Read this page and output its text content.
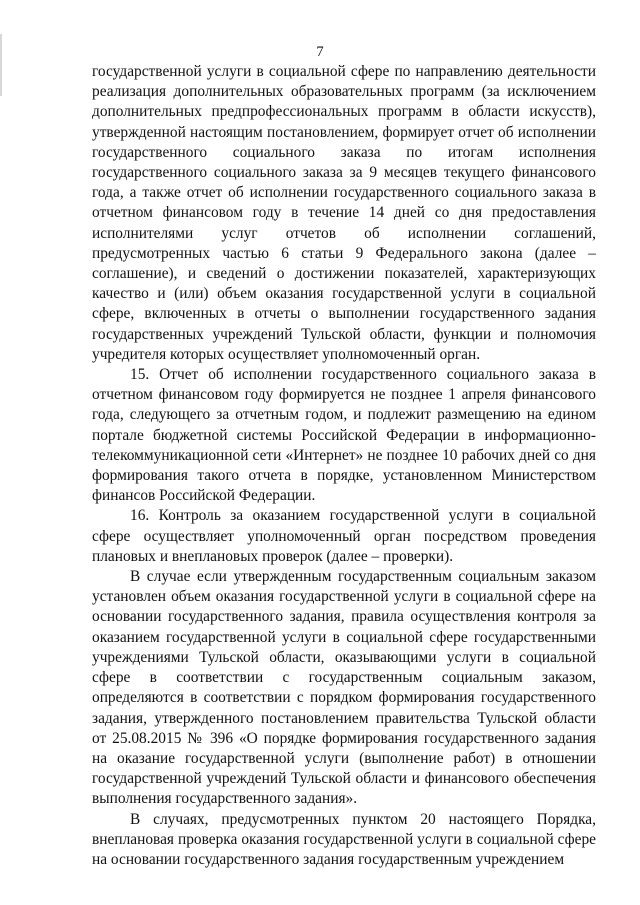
7

государственной услуги в социальной сфере по направлению деятельности реализация дополнительных образовательных программ (за исключением дополнительных предпрофессиональных программ в области искусств), утвержденной настоящим постановлением, формирует отчет об исполнении государственного социального заказа по итогам исполнения государственного социального заказа за 9 месяцев текущего финансового года, а также отчет об исполнении государственного социального заказа в отчетном финансовом году в течение 14 дней со дня предоставления исполнителями услуг отчетов об исполнении соглашений, предусмотренных частью 6 статьи 9 Федерального закона (далее – соглашение), и сведений о достижении показателей, характеризующих качество и (или) объем оказания государственной услуги в социальной сфере, включенных в отчеты о выполнении государственного задания государственных учреждений Тульской области, функции и полномочия учредителя которых осуществляет уполномоченный орган.

15. Отчет об исполнении государственного социального заказа в отчетном финансовом году формируется не позднее 1 апреля финансового года, следующего за отчетным годом, и подлежит размещению на едином портале бюджетной системы Российской Федерации в информационно-телекоммуникационной сети «Интернет» не позднее 10 рабочих дней со дня формирования такого отчета в порядке, установленном Министерством финансов Российской Федерации.

16. Контроль за оказанием государственной услуги в социальной сфере осуществляет уполномоченный орган посредством проведения плановых и внеплановых проверок (далее – проверки).

В случае если утвержденным государственным социальным заказом установлен объем оказания государственной услуги в социальной сфере на основании государственного задания, правила осуществления контроля за оказанием государственной услуги в социальной сфере государственными учреждениями Тульской области, оказывающими услуги в социальной сфере в соответствии с государственным социальным заказом, определяются в соответствии с порядком формирования государственного задания, утвержденного постановлением правительства Тульской области от 25.08.2015 № 396 «О порядке формирования государственного задания на оказание государственной услуги (выполнение работ) в отношении государственной учреждений Тульской области и финансового обеспечения выполнения государственного задания».

В случаях, предусмотренных пунктом 20 настоящего Порядка, внеплановая проверка оказания государственной услуги в социальной сфере на основании государственного задания государственным учреждением
